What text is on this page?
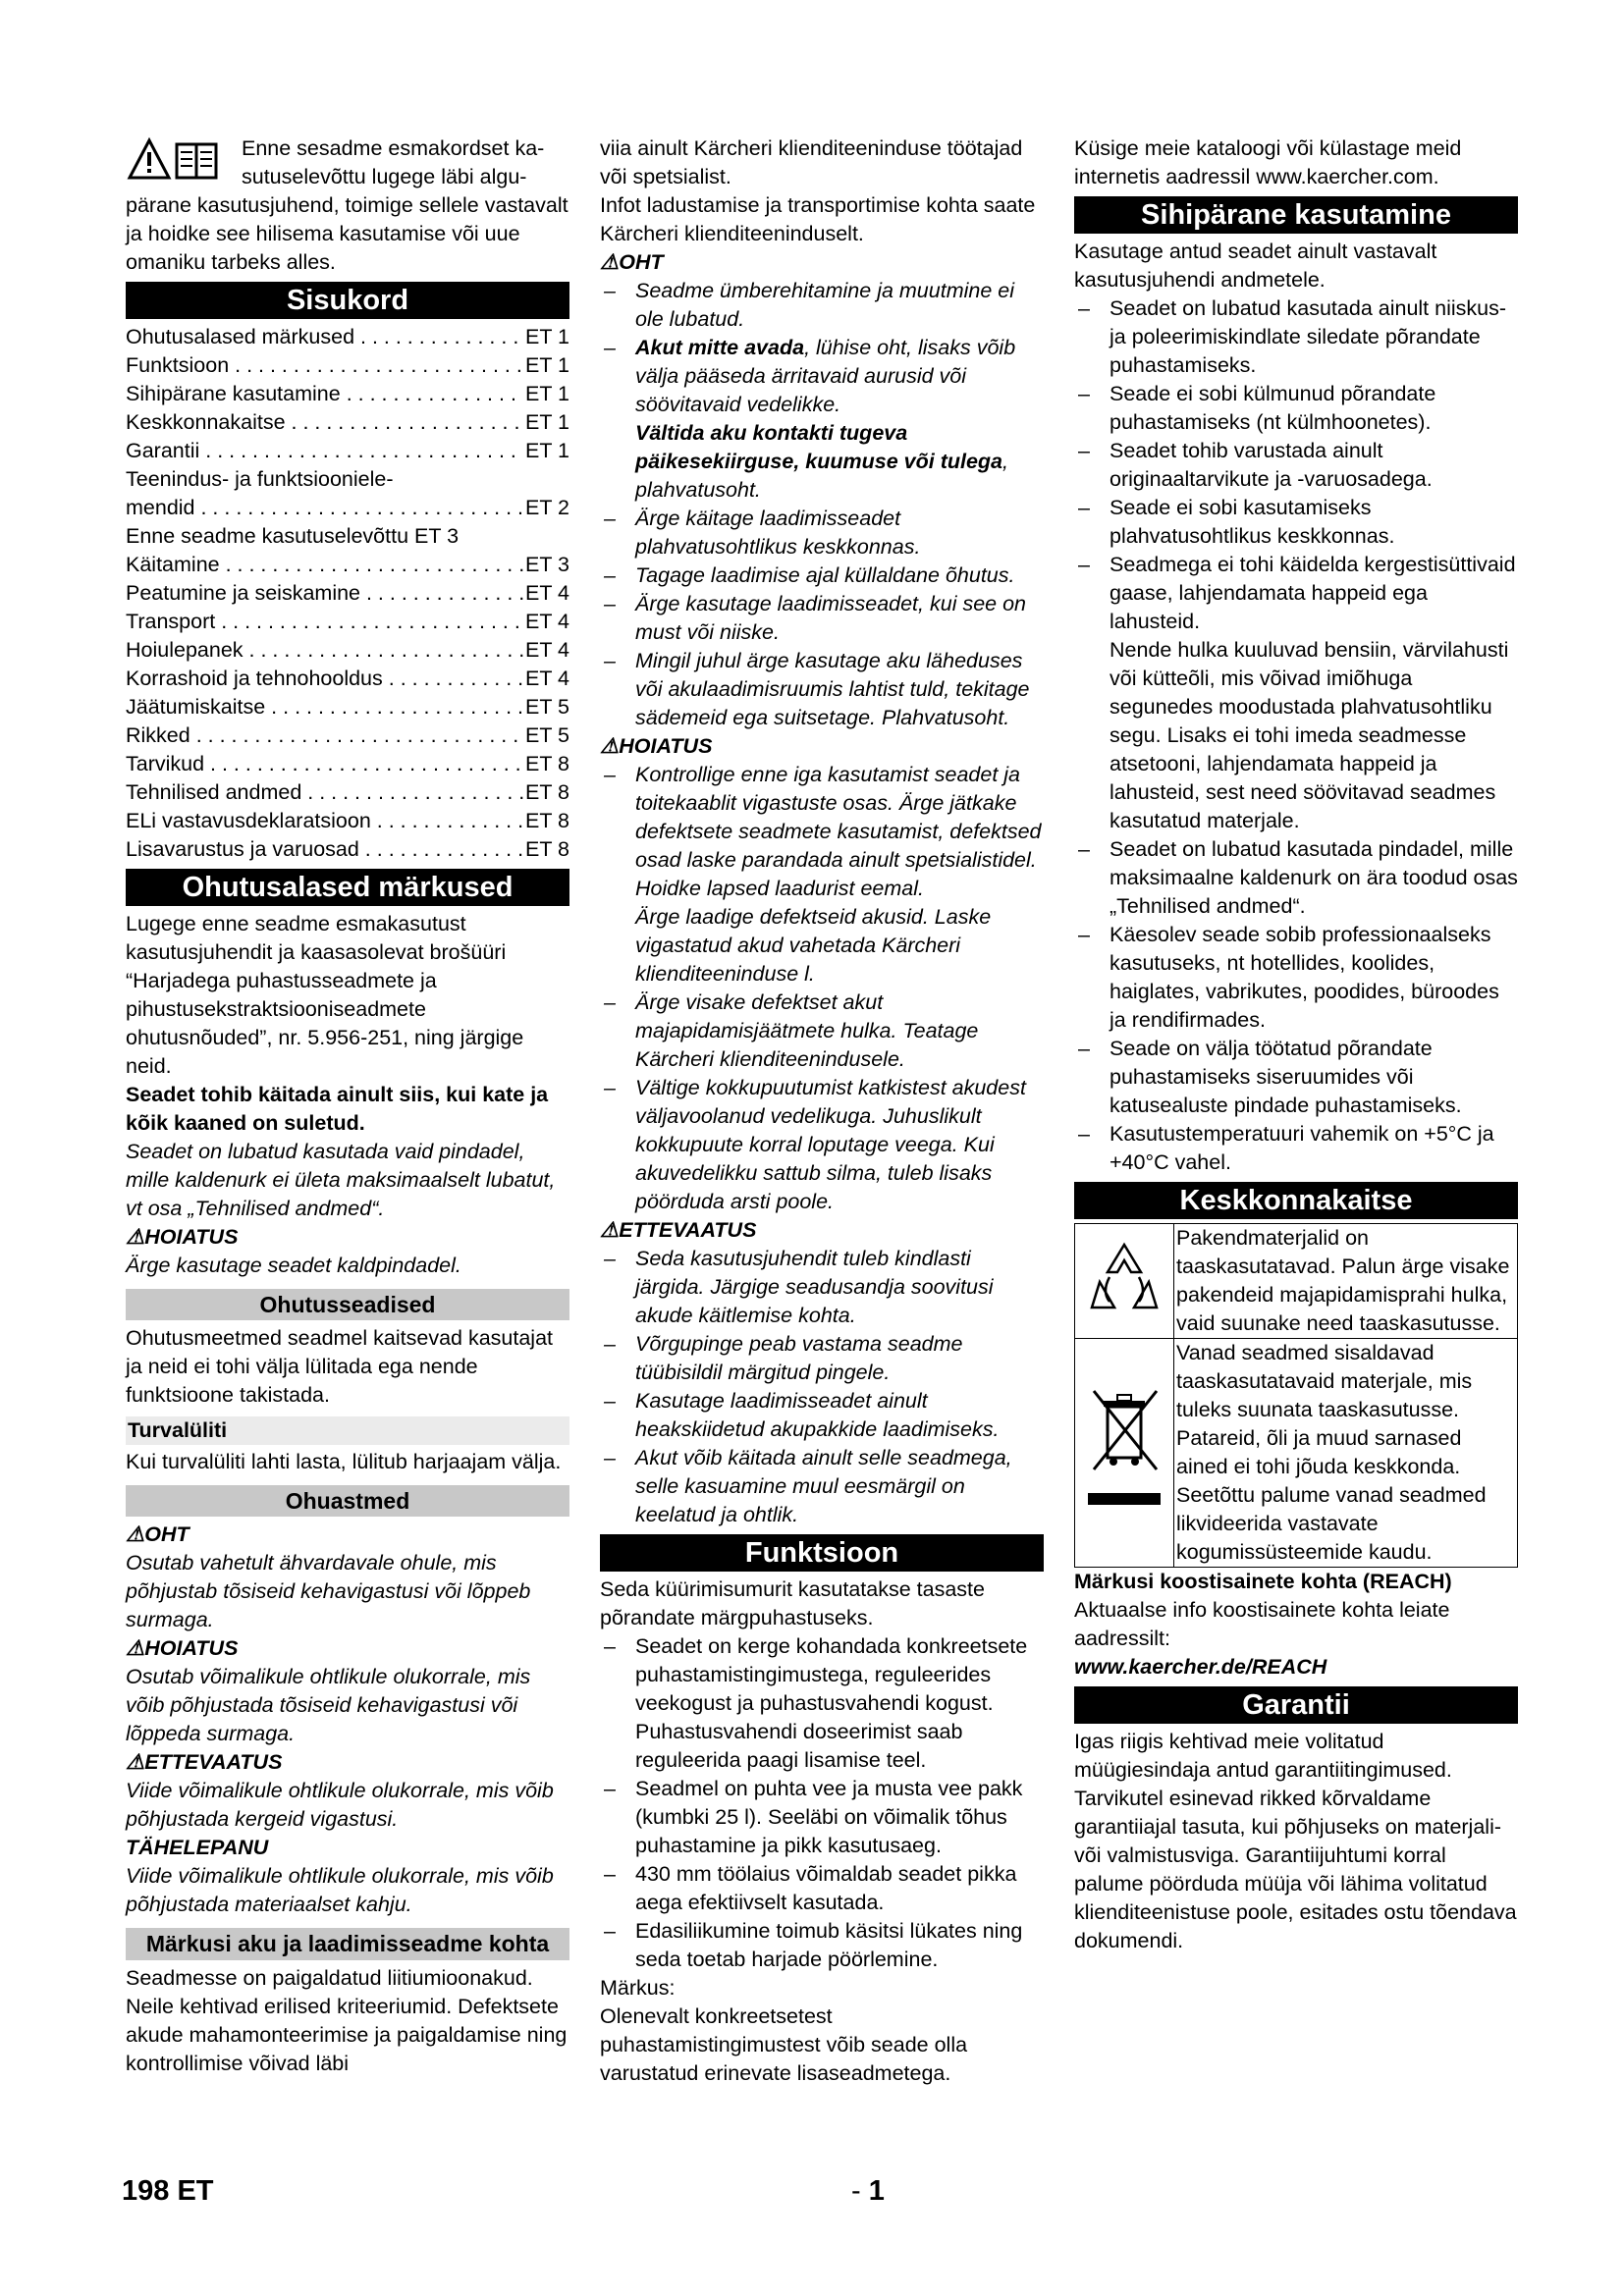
Enne sesadme esmakordset ka-

sutuselevõttu lugege läbi algu-

pärane kasutusjuhend, toimige sellele vastavalt ja hoidke see hilisema kasutamise või uue omaniku tarbeks alles.

Sisukord
Ohutusalased märkused . . .	ET 1
Funktsioon . . .	ET 1
Sihipärane kasutamine . . .	ET 1
Keskkonnakaitse . . .	ET 1
Garantii . . .	ET 1
Teenindus- ja funktsiooniele-
mendid . . .	ET 2
Enne seadme kasutuselevõttu ET 3
Käitamine . . .	ET 3
Peatumine ja seiskamine . . .	ET 4
Transport . . .	ET 4
Hoiulepanek . . .	ET 4
Korrashoid ja tehnohooldus . . .	ET 4
Jäätumiskaitse . . .	ET 5
Rikked . . .	ET 5
Tarvikud . . .	ET 8
Tehnilised andmed . . .	ET 8
ELi vastavusdeklaratsioon . . .	ET 8
Lisavarustus ja varuosad . . .	ET 8
Ohutusalased märkused

Lugege enne seadme esmakasutust kasutusjuhendit ja kaasasolevat brošüüri “Harjadega puhastusseadmete ja pihustusekstraktsiooniseadmete ohutusnõuded”, nr. 5.956-251, ning järgige neid.

Seadet tohib käitada ainult siis, kui kate ja kõik kaaned on suletud.

Seadet on lubatud kasutada vaid pindadel, mille kaldenurk ei ületa maksimaalselt lubatut, vt osa „Tehnilised andmed“.

⚠HOIATUS

Ärge kasutage seadet kaldpindadel.

Ohutusseadised

Ohutusmeetmed seadmel kaitsevad kasutajat ja neid ei tohi välja lülitada ega nende funktsioone takistada.

Turvalüliti

Kui turvalüliti lahti lasta, lülitub harjaajam välja.

Ohuastmed

⚠OHT

Osutab vahetult ähvardavale ohule, mis põhjustab tõsiseid kehavigastusi või lõppeb surmaga.

⚠HOIATUS

Osutab võimalikule ohtlikule olukorrale, mis võib põhjustada tõsiseid kehavigastusi või lõppeda surmaga.

⚠ETTEVAATUS

Viide võimalikule ohtlikule olukorrale, mis võib põhjustada kergeid vigastusi.

TÄHELEPANU

Viide võimalikule ohtlikule olukorrale, mis võib põhjustada materiaalset kahju.

Märkusi aku ja laadimisseadme kohta

Seadmesse on paigaldatud liitiumioonakud. Neile kehtivad erilised kriteeriumid. Defektsete akude mahamonteerimise ja paigaldamise ning kontrollimise võivad läbi

viia ainult Kärcheri klienditeeninduse töötajad või spetsialist.

Infot ladustamise ja transportimise kohta saate Kärcheri klienditeeninduselt.

⚠OHT

– Seadme ümberehitamine ja muutmine ei ole lubatud.
– Akut mitte avada, lühise oht, lisaks võib välja pääseda ärritavaid aurusid või söövitavaid vedelikke.

Vältida aku kontakti tugeva päikesekiirguse, kuumuse või tulega, plahvatusoht.

– Ärge käitage laadimisseadet plahvatusohtlikus keskkonnas.
– Tagage laadimise ajal küllaldane õhutus.
– Ärge kasutage laadimisseadet, kui see on must või niiske.
– Mingil juhul ärge kasutage aku läheduses või akulaadimisruumis lahtist tuld, tekitage sädemeid ega suitsetage. Plahvatusoht.

⚠HOIATUS

– Kontrollige enne iga kasutamist seadet ja toitekaablit vigastuste osas. Ärge jätkake defektsete seadmete kasutamist, defektsed osad laske parandada ainult spetsialistidel.

Hoidke lapsed laadurist eemal.

Ärge laadige defektseid akusid. Laske vigastatud akud vahetada Kärcheri klienditeeninduse l.

– Ärge visake defektset akut majapidamisjäätmete hulka. Teatage Kärcheri klienditeenindusele.
– Vältige kokkupuutumist katkistest akudest väljavoolanud vedelikuga. Juhuslikult kokkupuute korral loputage veega. Kui akuvedelikku sattub silma, tuleb lisaks pöörduda arsti poole.

⚠ETTEVAATUS

– Seda kasutusjuhendit tuleb kindlasti järgida. Järgige seadusandja soovitusi akude käitlemise kohta.
– Võrgupinge peab vastama seadme tüübisildil märgitud pingele.
– Kasutage laadimisseadet ainult heakskiidetud akupakkide laadimiseks.
– Akut võib käitada ainult selle seadmega, selle kasuamine muul eesmärgil on keelatud ja ohtlik.
Funktsioon

Seda küürimisumurit kasutatakse tasaste põrandate märgpuhastuseks.

– Seadet on kerge kohandada konkreetsete puhastamistingimustega, reguleerides veekogust ja puhastusvahendi kogust. Puhastusvahendi doseerimist saab reguleerida paagi lisamise teel.
– Seadmel on puhta vee ja musta vee pakk (kumbki 25 l). Seeläbi on võimalik tõhus puhastamine ja pikk kasutusaeg.
– 430 mm töölaius võimaldab seadet pikka aega efektiivselt kasutada.
– Edasiliikumine toimub käsitsi lükates ning seda toetab harjade pöörlemine.

Märkus:

Olenevalt konkreetsetest puhastamistingimustest võib seade olla varustatud erinevate lisaseadmetega.

Küsige meie kataloogi või külastage meid internetis aadressil www.kaercher.com.

Sihipärane kasutamine

Kasutage antud seadet ainult vastavalt kasutusjuhendi andmetele.

– Seadet on lubatud kasutada ainult niiskus- ja poleerimiskindlate siledate põrandate puhastamiseks.
– Seade ei sobi külmunud põrandate puhastamiseks (nt külmhoonetes).
– Seadet tohib varustada ainult originaaltarvikute ja -varuosadega.
– Seade ei sobi kasutamiseks plahvatusohtlikus keskkonnas.
– Seadmega ei tohi käidelda kergestisüttivaid gaase, lahjendamata happeid ega lahusteid.

Nende hulka kuuluvad bensiin, värvilahusti või kütteõli, mis võivad imiõhuga segunedes moodustada plahvatusohtliku segu. Lisaks ei tohi imeda seadmesse atsetooni, lahjendamata happeid ja lahusteid, sest need söövitavad seadmes kasutatud materjale.

– Seadet on lubatud kasutada pindadel, mille maksimaalne kaldenurk on ära toodud osas „Tehnilised andmed“.
– Käesolev seade sobib professionaalseks kasutuseks, nt hotellides, koolides, haiglates, vabrikutes, poodides, büroodes ja rendifirmades.
– Seade on välja töötatud põrandate puhastamiseks siseruumides või katusealuste pindade puhastamiseks.
– Kasutustemperatuuri vahemik on +5°C ja +40°C vahel.
Keskkonnakaitse
	Pakendmaterjalid on taaskasutatavad. Palun ärge visake pakendeid majapidamisprahi hulka, vaid suunake need taaskasutusse.
	Vanad seadmed sisaldavad taaskasutatavaid materjale, mis tuleks suunata taaskasutusse. Patareid, õli ja muud sarnased ained ei tohi jõuda keskkonda. Seetõttu palume vanad seadmed likvideerida vastavate kogumissüsteemide kaudu.

Märkusi koostisainete kohta (REACH)

Aktuaalse info koostisainete kohta leiate aadressilt:

www.kaercher.de/REACH

Garantii

Igas riigis kehtivad meie volitatud müügiesindaja antud garantiitingimused. Tarvikutel esinevad rikked kõrvaldame garantiiajal tasuta, kui põhjuseks on materjali- või valmistusviga. Garantiijuhtumi korral palume pöörduda müüja või lähima volitatud klienditeenistuse poole, esitades ostu tõendava dokumendi.

198 ET	- 1
